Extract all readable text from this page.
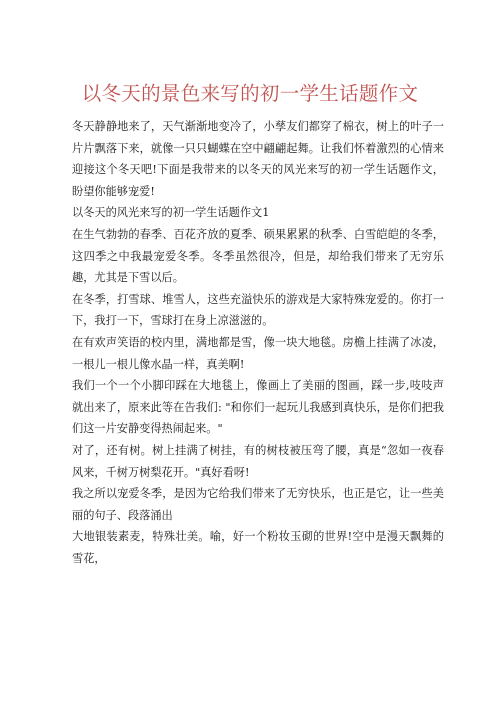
以冬天的景色来写的初一学生话题作文

冬天静静地来了，天气渐渐地变冷了，小孳友们都穿了棉衣，树上的叶子一片片飘落下来，就像一只只蝴蝶在空中翩翩起舞。让我们怀着激烈的心情来迎接这个冬天吧!下面是我带来的以冬天的风光来写的初一学生话题作文，盼望你能够宠爱!

以冬天的风光来写的初一学生话题作文1

在生气勃勃的春季、百花齐放的夏季、硕果累累的秋季、白雪皑皑的冬季，这四季之中我最宠爱冬季。冬季虽然很冷，但是，却给我们带来了无穷乐趣，尤其是下雪以后。

在冬季，打雪球、堆雪人，这些充溢快乐的游戏是大家特殊宠爱的。你打一下，我打一下，雪球打在身上凉滋滋的。

在有欢声笑语的校内里，满地都是雪，像一块大地毯。房檐上挂满了冰凌，一根儿一根儿像水晶一样，真美啊!

我们一个一个小脚印踩在大地毯上，像画上了美丽的图画，踩一步,吱吱声就出来了，原来此等在告我们: "和你们一起玩儿我感到真快乐，是你们把我们这一片安静变得热闹起来。"

对了，还有树。树上挂满了树挂，有的树枝被压弯了腰，真是“忽如一夜春风来，千树万树梨花开。"真好看呀!

我之所以宠爱冬季，是因为它给我们带来了无穷快乐，也正是它，让一些美丽的句子、段落涌出

大地银装素麦，特殊壮美。喻，好一个粉妆玉砌的世界!空中是漫天飘舞的雪花，
